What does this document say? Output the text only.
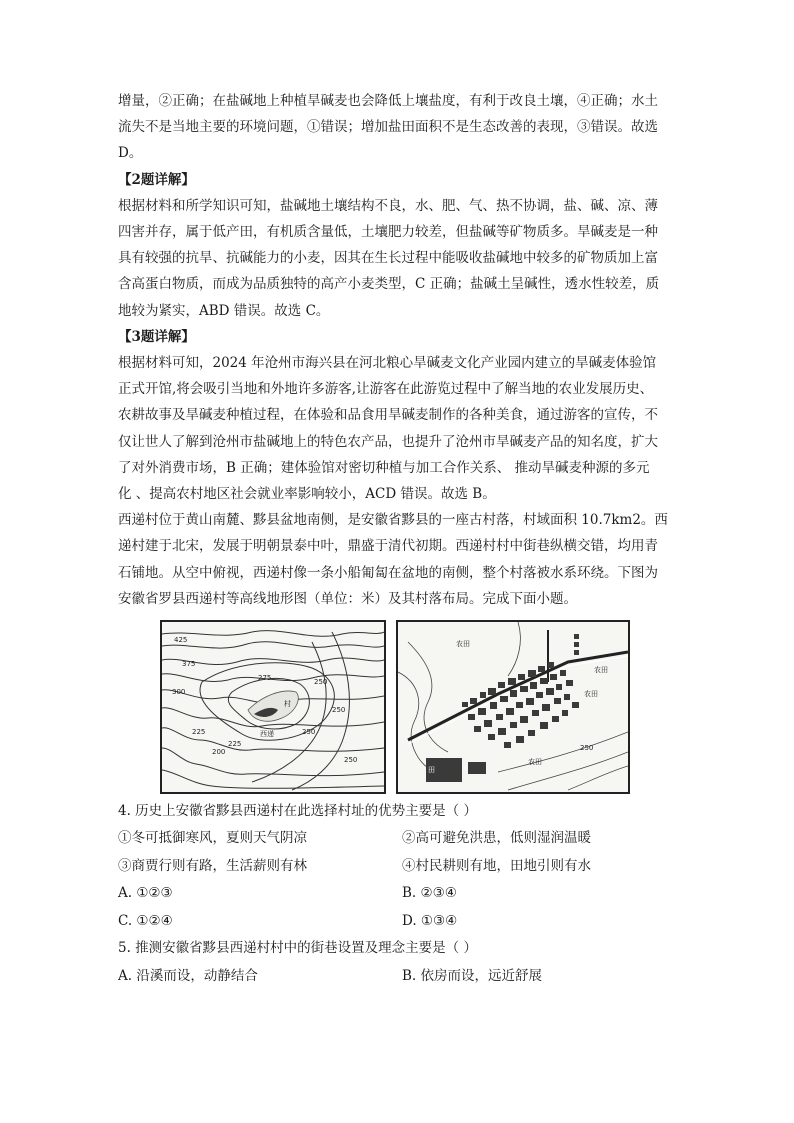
增量，②正确；在盐碱地上种植旱碱麦也会降低上壤盐度，有利于改良土壤，④正确；水土

流失不是当地主要的环境问题，①错误；增加盐田面积不是生态改善的表现，③错误。故选

D。

【2题详解】

根据材料和所学知识可知，盐碱地土壤结构不良，水、肥、气、热不协调，盐、碱、凉、薄

四害并存，属于低产田，有机质含量低，土壤肥力较差，但盐碱等矿物质多。旱碱麦是一种

具有较强的抗旱、抗碱能力的小麦，因其在生长过程中能吸收盐碱地中较多的矿物质加上富

含高蛋白物质，而成为品质独特的高产小麦类型，C 正确；盐碱土呈碱性，透水性较差，质

地较为紧实，ABD 错误。故选 C。

【3题详解】

根据材料可知，2024 年沧州市海兴县在河北粮心旱碱麦文化产业园内建立的旱碱麦体验馆

正式开馆,将会吸引当地和外地许多游客,让游客在此游览过程中了解当地的农业发展历史、

农耕故事及旱碱麦种植过程，在体验和品食用旱碱麦制作的各种美食，通过游客的宣传，不

仅让世人了解到沧州市盐碱地上的特色农产品，也提升了沧州市旱碱麦产品的知名度，扩大

了对外消费市场，B 正确；建体验馆对密切种植与加工合作关系、 推动旱碱麦种源的多元

化 、提高农村地区社会就业率影响较小，ACD 错误。故选 B。

西递村位于黄山南麓、黟县盆地南侧，是安徽省黟县的一座古村落，村域面积 10.7km2。西

递村建于北宋，发展于明朝景泰中叶，鼎盛于清代初期。西递村村中街巷纵横交错，均用青

石铺地。从空中俯视，西递村像一条小船匍匐在盆地的南侧，整个村落被水系环绕。下图为

安徽省罗县西递村等高线地形图（单位：米）及其村落布局。完成下面小题。

425
375
300
275
225	250
200
225
250
250
250
西递
村
农田
农田
农田
农田
田
250

4. 历史上安徽省黟县西递村在此选择村址的优势主要是（ ）

①冬可抵御寒风，夏则天气阴凉	②高可避免洪患，低则湿润温暖
③商贾行则有路，生活薪则有林	④村民耕则有地，田地引则有水
A. ①②③	B. ②③④
C. ①②④	D. ①③④

5. 推测安徽省黟县西递村村中的街巷设置及理念主要是（ ）

A. 沿溪而设，动静结合	B. 依房而设，远近舒展
